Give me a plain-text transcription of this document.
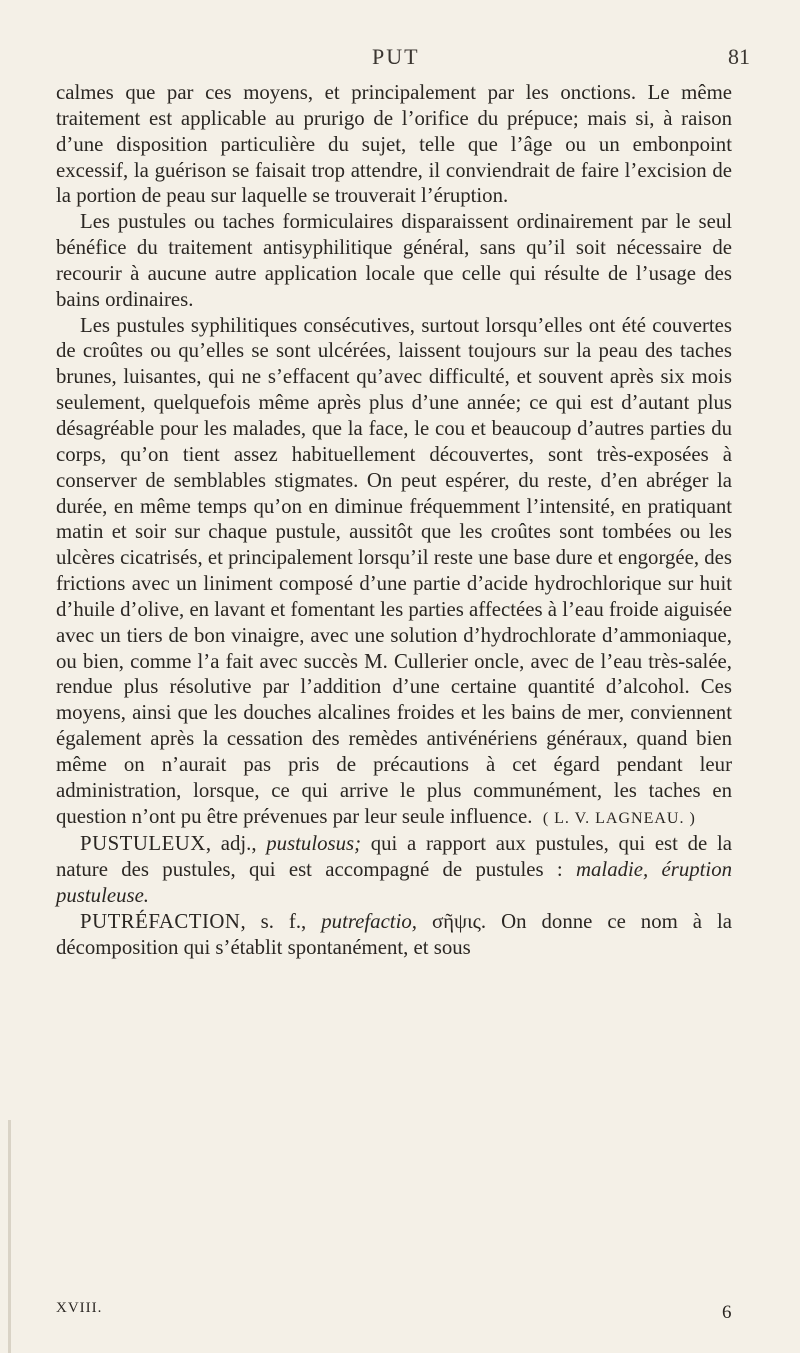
PUT	81

calmes que par ces moyens, et principalement par les onctions. Le même traitement est applicable au prurigo de l’orifice du prépuce; mais si, à raison d’une disposition particulière du sujet, telle que l’âge ou un embonpoint excessif, la guérison se faisait trop attendre, il conviendrait de faire l’excision de la portion de peau sur laquelle se trouverait l’éruption.

Les pustules ou taches formiculaires disparaissent ordinairement par le seul bénéfice du traitement antisyphilitique général, sans qu’il soit nécessaire de recourir à aucune autre application locale que celle qui résulte de l’usage des bains ordinaires.

Les pustules syphilitiques consécutives, surtout lorsqu’elles ont été couvertes de croûtes ou qu’elles se sont ulcérées, laissent toujours sur la peau des taches brunes, luisantes, qui ne s’effacent qu’avec difficulté, et souvent après six mois seulement, quelquefois même après plus d’une année; ce qui est d’autant plus désagréable pour les malades, que la face, le cou et beaucoup d’autres parties du corps, qu’on tient assez habituellement découvertes, sont très-exposées à conserver de semblables stigmates. On peut espérer, du reste, d’en abréger la durée, en même temps qu’on en diminue fréquemment l’intensité, en pratiquant matin et soir sur chaque pustule, aussitôt que les croûtes sont tombées ou les ulcères cicatrisés, et principalement lorsqu’il reste une base dure et engorgée, des frictions avec un liniment composé d’une partie d’acide hydrochlorique sur huit d’huile d’olive, en lavant et fomentant les parties affectées à l’eau froide aiguisée avec un tiers de bon vinaigre, avec une solution d’hydrochlorate d’ammoniaque, ou bien, comme l’a fait avec succès M. Cullerier oncle, avec de l’eau très-salée, rendue plus résolutive par l’addition d’une certaine quantité d’alcohol. Ces moyens, ainsi que les douches alcalines froides et les bains de mer, conviennent également après la cessation des remèdes antivénériens généraux, quand bien même on n’aurait pas pris de précautions à cet égard pendant leur administration, lorsque, ce qui arrive le plus communément, les taches en question n’ont pu être prévenues par leur seule influence. ( L. V. LAGNEAU. )

PUSTULEUX, adj., pustulosus; qui a rapport aux pustules, qui est de la nature des pustules, qui est accompagné de pustules : maladie, éruption pustuleuse.

PUTRÉFACTION, s. f., putrefactio, σῆψις. On donne ce nom à la décomposition qui s’établit spontanément, et sous

XVIII.	6
